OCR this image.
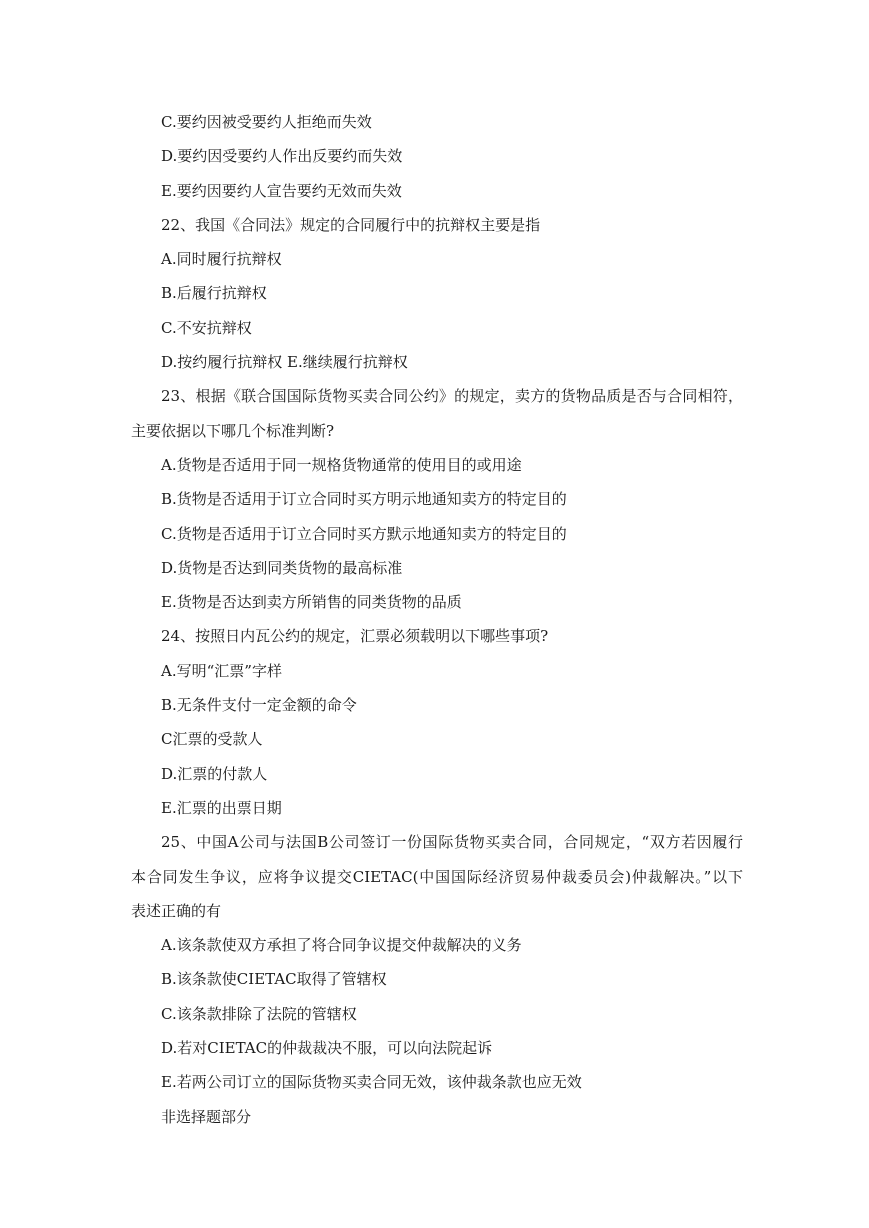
C.要约因被受要约人拒绝而失效

D.要约因受要约人作出反要约而失效

E.要约因要约人宣告要约无效而失效

22、我国《合同法》规定的合同履行中的抗辩权主要是指

A.同时履行抗辩权

B.后履行抗辩权

C.不安抗辩权

D.按约履行抗辩权 E.继续履行抗辩权

23、根据《联合国国际货物买卖合同公约》的规定，卖方的货物品质是否与合同相符，

主要依据以下哪几个标准判断?

A.货物是否适用于同一规格货物通常的使用目的或用途

B.货物是否适用于订立合同时买方明示地通知卖方的特定目的

C.货物是否适用于订立合同时买方默示地通知卖方的特定目的

D.货物是否达到同类货物的最高标准

E.货物是否达到卖方所销售的同类货物的品质

24、按照日内瓦公约的规定，汇票必须载明以下哪些事项?

A.写明“汇票”字样

B.无条件支付一定金额的命令

C汇票的受款人

D.汇票的付款人

E.汇票的出票日期

25、中国A公司与法国B公司签订一份国际货物买卖合同，合同规定，“双方若因履行

本合同发生争议，应将争议提交CIETAC(中国国际经济贸易仲裁委员会)仲裁解决。”以下

表述正确的有

A.该条款使双方承担了将合同争议提交仲裁解决的义务

B.该条款使CIETAC取得了管辖权

C.该条款排除了法院的管辖权

D.若对CIETAC的仲裁裁决不服，可以向法院起诉

E.若两公司订立的国际货物买卖合同无效，该仲裁条款也应无效

非选择题部分
